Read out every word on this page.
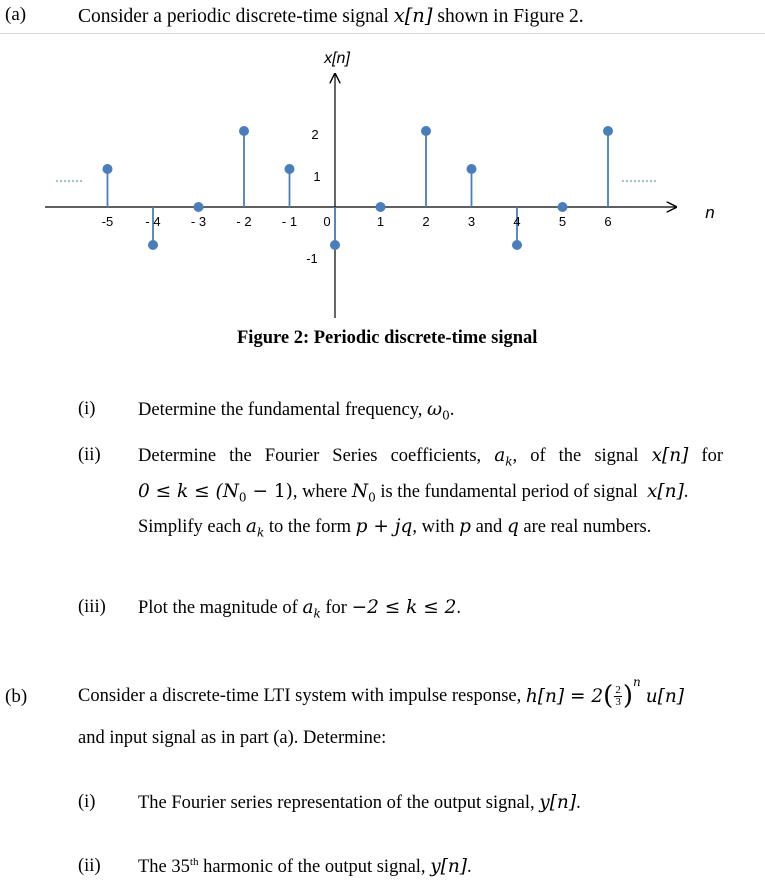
(a)	Consider a periodic discrete-time signal x[n] shown in Figure 2.
-5 - 4 - 3 - 2 - 1 0	1	2	3	4	5	6
x[n]
n
2
1
-1
Figure 2: Periodic discrete-time signal
(i) Determine the fundamental frequency, $\omega_0$.
(ii) Determine the Fourier Series coefficients, $a_k$, of the signal x[n] for
$0 \le k \le (N_0 - 1)$, where $N_0$ is the fundamental period of signal  x[n].
Simplify each $a_k$ to the form p + jq, with p and q are real numbers.
(iii) Plot the magnitude of $a_k$ for −2 ≤ k ≤ 2.
(b)	Consider a discrete-time LTI system with impulse response, h[n] = 2 ( $\frac{2}{3} )^n$
u[n]
and input signal as in part (a). Determine:
(i) The Fourier series representation of the output signal, y[n].
(ii) The 35th harmonic of the output signal, y[n].
